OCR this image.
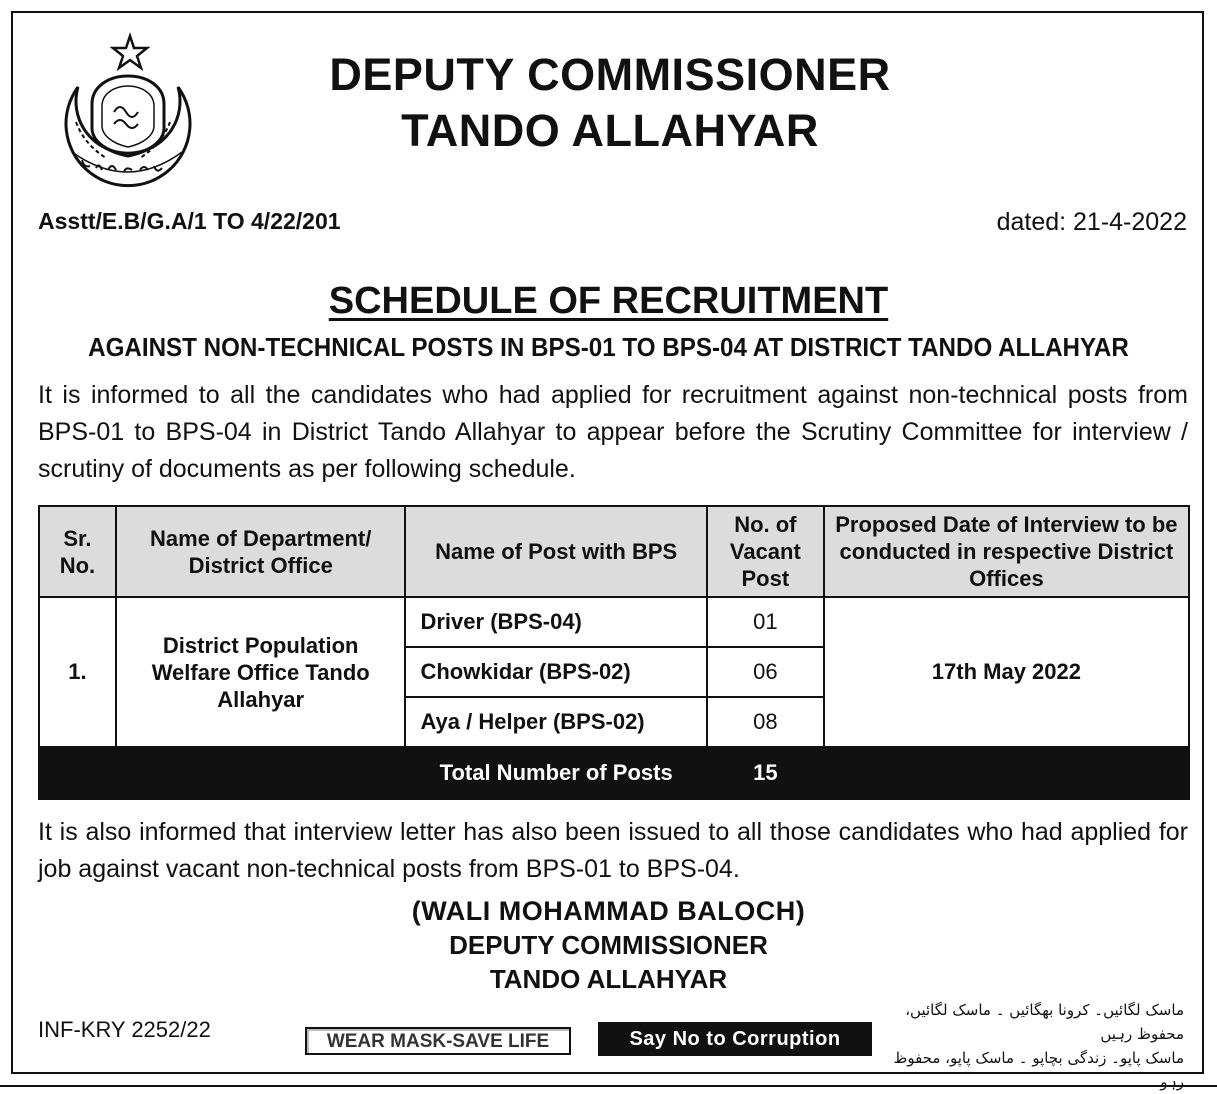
DEPUTY COMMISSIONER
TANDO ALLAHYAR
Asstt/E.B/G.A/1 TO 4/22/201	dated: 21-4-2022
SCHEDULE OF RECRUITMENT
AGAINST NON-TECHNICAL POSTS IN BPS-01 TO BPS-04 AT DISTRICT TANDO ALLAHYAR
It is informed to all the candidates who had applied for recruitment against non-technical posts from BPS-01 to BPS-04 in District Tando Allahyar to appear before the Scrutiny Committee for interview / scrutiny of documents as per following schedule.
Sr. No.	Name of Department/ District Office	Name of Post with BPS	No. of Vacant Post	Proposed Date of Interview to be conducted in respective District Offices
1.	District Population Welfare Office Tando Allahyar	Driver (BPS-04)	01	17th May 2022
		Chowkidar (BPS-02)	06	
		Aya / Helper (BPS-02)	08	
		Total Number of Posts	15	
It is also informed that interview letter has also been issued to all those candidates who had applied for job against vacant non-technical posts from BPS-01 to BPS-04.
(WALI MOHAMMAD BALOCH)
DEPUTY COMMISSIONER
TANDO ALLAHYAR
INF-KRY 2252/22	WEAR MASK-SAVE LIFE	Say No to Corruption
ماسک لگائیں۔ کرونا بھگائیں ۔ ماسک لگائیں، محفوظ رہیں
ماسک پاپو۔ زندگی بچاپو ۔ ماسک پاپو، محفوظ رہو
